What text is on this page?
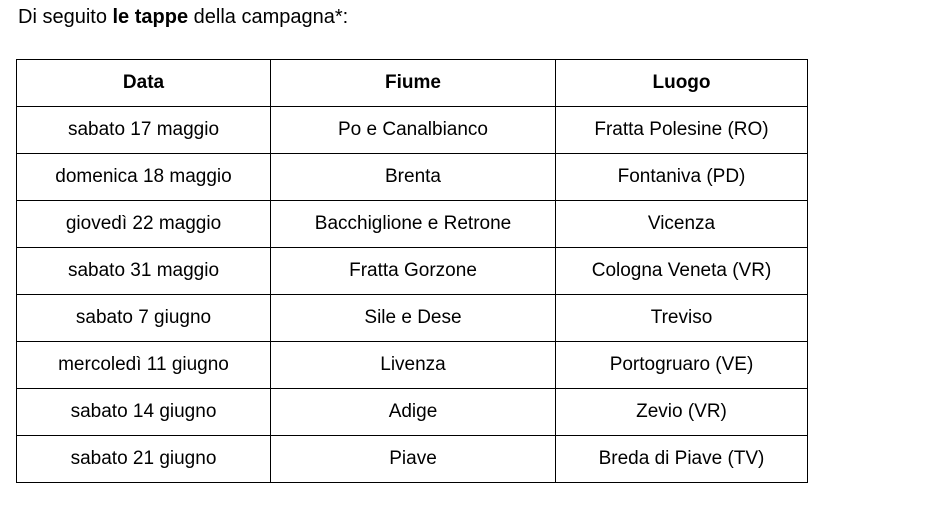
Di seguito le tappe della campagna*:
Data	Fiume	Luogo
sabato 17 maggio	Po e Canalbianco	Fratta Polesine (RO)
domenica 18 maggio	Brenta	Fontaniva (PD)
giovedì 22 maggio	Bacchiglione e Retrone	Vicenza
sabato 31 maggio	Fratta Gorzone	Cologna Veneta (VR)
sabato 7 giugno	Sile e Dese	Treviso
mercoledì 11 giugno	Livenza	Portogruaro (VE)
sabato 14 giugno	Adige	Zevio (VR)
sabato 21 giugno	Piave	Breda di Piave (TV)
